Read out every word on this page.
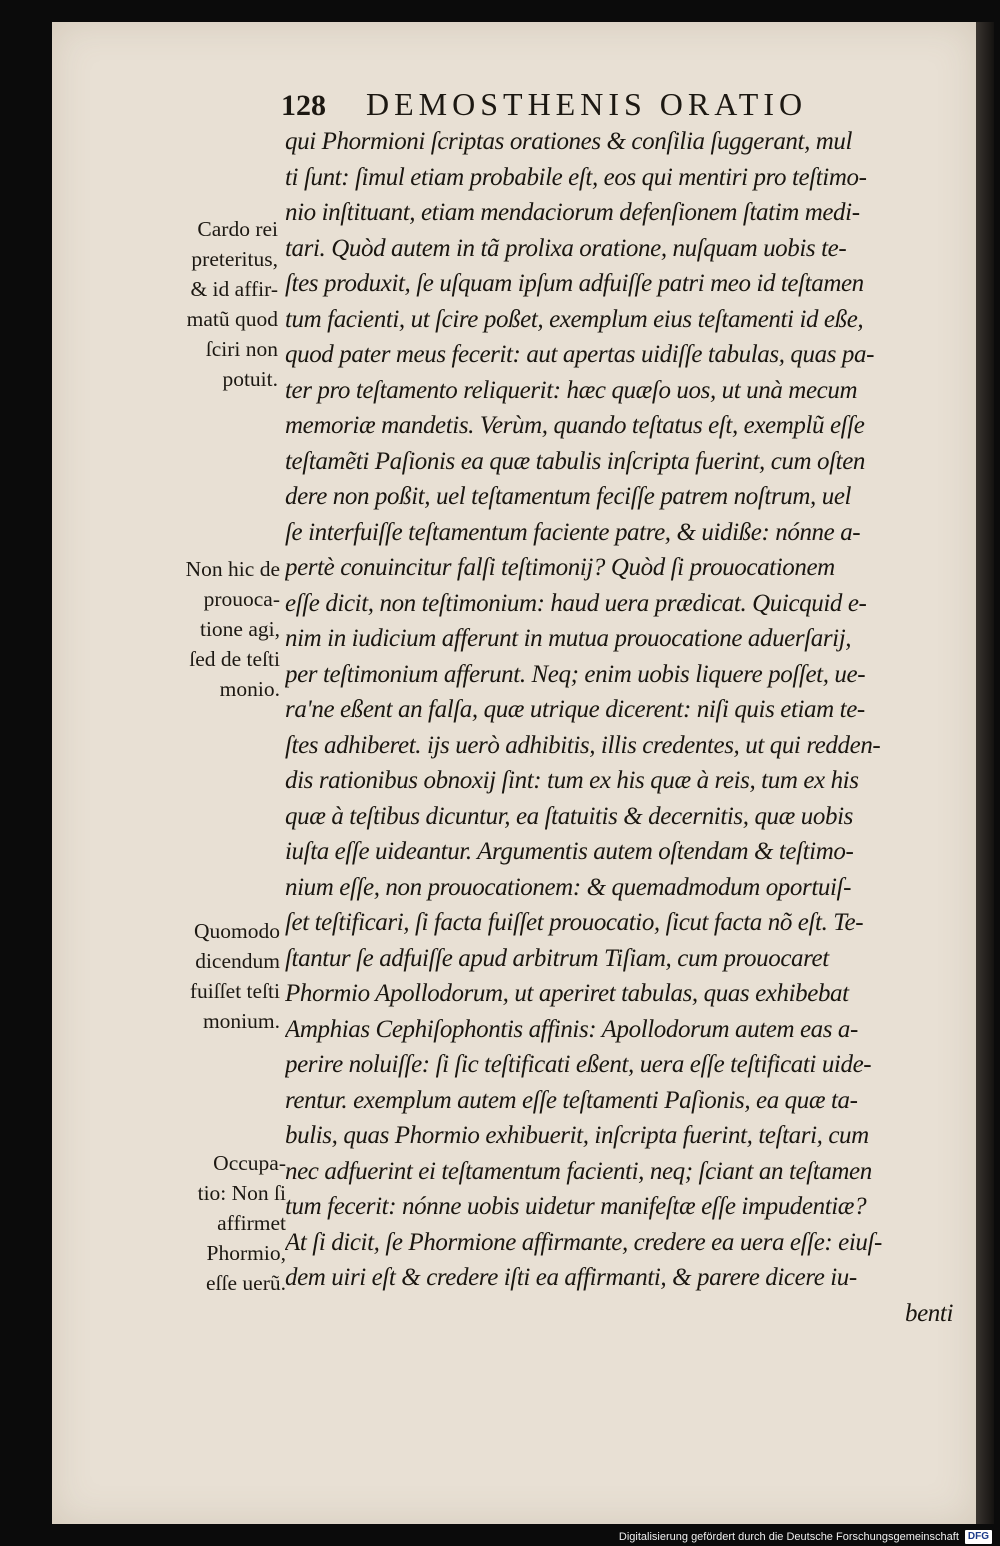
128 DEMOSTHENIS ORATIO
qui Phormioni ſcriptas orationes & conſilia ſuggerant, mul
ti ſunt: ſimul etiam probabile eſt, eos qui mentiri pro teſtimo-
nio inſtituant, etiam mendaciorum defenſionem ſtatim medi-
tari. Quòd autem in tã prolixa oratione, nuſquam uobis te-
ſtes produxit, ſe uſquam ipſum adfuiſſe patri meo id teſtamen
tum facienti, ut ſcire poßet, exemplum eius teſtamenti id eße,
quod pater meus fecerit: aut apertas uidiſſe tabulas, quas pa-
ter pro teſtamento reliquerit: hæc quæſo uos, ut unà mecum
memoriæ mandetis. Verùm, quando teſtatus eſt, exemplũ eſſe
teſtamẽti Paſionis ea quæ tabulis inſcripta fuerint, cum oſten
dere non poßit, uel teſtamentum feciſſe patrem noſtrum, uel
ſe interfuiſſe teſtamentum faciente patre, & uidiße: nónne a-
pertè conuincitur falſi teſtimonij? Quòd ſi prouocationem
eſſe dicit, non teſtimonium: haud uera prædicat. Quicquid e-
nim in iudicium afferunt in mutua prouocatione aduerſarij,
per teſtimonium afferunt. Neq; enim uobis liquere poſſet, ue-
ra'ne eßent an falſa, quæ utrique dicerent: niſi quis etiam te-
ſtes adhiberet. ijs uerò adhibitis, illis credentes, ut qui redden-
dis rationibus obnoxij ſint: tum ex his quæ à reis, tum ex his
quæ à teſtibus dicuntur, ea ſtatuitis & decernitis, quæ uobis
iuſta eſſe uideantur. Argumentis autem oſtendam & teſtimo-
nium eſſe, non prouocationem: & quemadmodum oportuiſ-
ſet teſtificari, ſi facta fuiſſet prouocatio, ſicut facta nõ eſt. Te-
ſtantur ſe adfuiſſe apud arbitrum Tiſiam, cum prouocaret
Phormio Apollodorum, ut aperiret tabulas, quas exhibebat
Amphias Cephiſophontis affinis: Apollodorum autem eas a-
perire noluiſſe: ſi ſic teſtificati eßent, uera eſſe teſtificati uide-
rentur. exemplum autem eſſe teſtamenti Paſionis, ea quæ ta-
bulis, quas Phormio exhibuerit, inſcripta fuerint, teſtari, cum
nec adfuerint ei teſtamentum facienti, neq; ſciant an teſtamen
tum fecerit: nónne uobis uidetur manifeſtæ eſſe impudentiæ?
At ſi dicit, ſe Phormione affirmante, credere ea uera eſſe: eiuſ-
dem uiri eſt & credere iſti ea affirmanti, & parere dicere iu-
benti
Cardo rei
preteritus,
& id affir-
matũ quod
ſciri non
potuit.
Non hic de
prouoca-
tione agi,
ſed de teſti
monio.
Quomodo
dicendum
fuiſſet teſti
monium.
Occupa-
tio: Non ſi
affirmet
Phormio,
eſſe uerũ.
Digitalisierung gefördert durch die Deutsche Forschungsgemeinschaft DFG
